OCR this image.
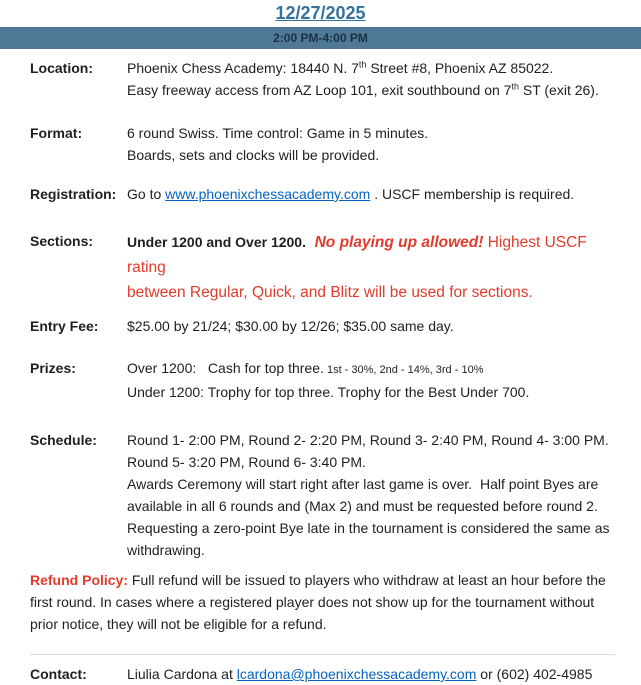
12/27/2025
2:00 PM-4:00 PM
Location:	Phoenix Chess Academy: 18440 N. 7th Street #8, Phoenix AZ 85022.
Easy freeway access from AZ Loop 101, exit southbound on 7th ST (exit 26).
Format:	6 round Swiss. Time control: Game in 5 minutes.
Boards, sets and clocks will be provided.
Registration: Go to www.phoenixchessacademy.com . USCF membership is required.
Sections:	Under 1200 and Over 1200.  No playing up allowed! Highest USCF rating
between Regular, Quick, and Blitz will be used for sections.
Entry Fee:	$25.00 by 21/24; $30.00 by 12/26; $35.00 same day.
Prizes:	Over 1200:   Cash for top three. 1st - 30%, 2nd - 14%, 3rd - 10%
Under 1200: Trophy for top three. Trophy for the Best Under 700.
Schedule:	Round 1- 2:00 PM, Round 2- 2:20 PM, Round 3- 2:40 PM, Round 4- 3:00 PM.
Round 5- 3:20 PM, Round 6- 3:40 PM.
Awards Ceremony will start right after last game is over.  Half point Byes are
available in all 6 rounds and (Max 2) and must be requested before round 2.
Requesting a zero-point Bye late in the tournament is considered the same as
withdrawing.
Refund Policy: Full refund will be issued to players who withdraw at least an hour before the first round. In cases where a registered player does not show up for the tournament without prior notice, they will not be eligible for a refund.
Contact:	Liulia Cardona at lcardona@phoenixchessacademy.com or (602) 402-4985
